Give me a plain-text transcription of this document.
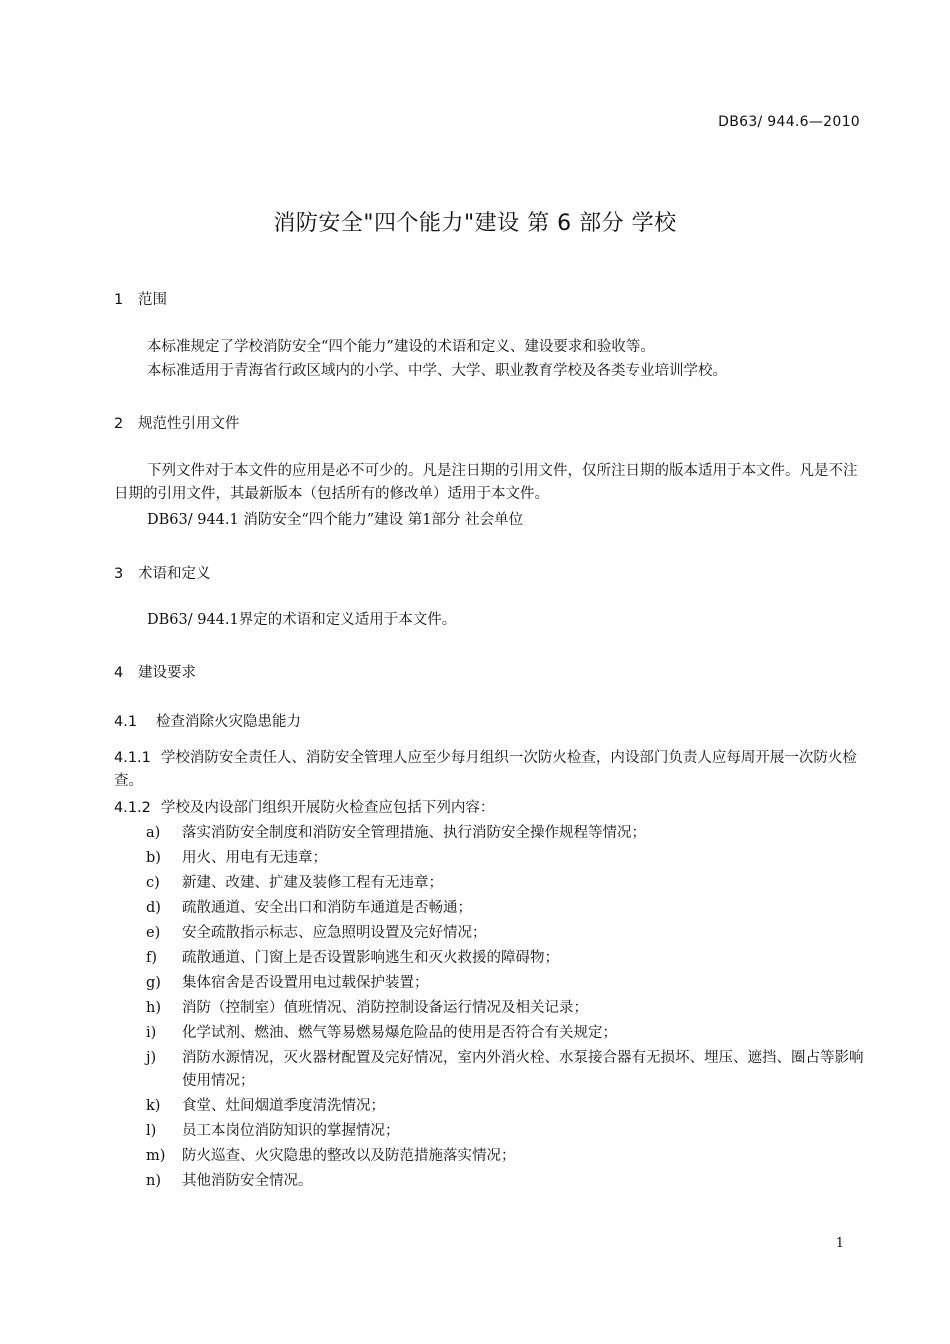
DB63/ 944.6—2010
消防安全"四个能力"建设 第 6 部分 学校
1 范围
本标准规定了学校消防安全“四个能力”建设的术语和定义、建设要求和验收等。
本标准适用于青海省行政区域内的小学、中学、大学、职业教育学校及各类专业培训学校。
2 规范性引用文件
下列文件对于本文件的应用是必不可少的。凡是注日期的引用文件，仅所注日期的版本适用于本文件。凡是不注日期的引用文件，其最新版本（包括所有的修改单）适用于本文件。
DB63/ 944.1 消防安全“四个能力”建设 第1部分 社会单位
3 术语和定义
DB63/ 944.1界定的术语和定义适用于本文件。
4 建设要求
4.1 检查消除火灾隐患能力
4.1.1 学校消防安全责任人、消防安全管理人应至少每月组织一次防火检查，内设部门负责人应每周开展一次防火检查。
4.1.2 学校及内设部门组织开展防火检查应包括下列内容：
a)	落实消防安全制度和消防安全管理措施、执行消防安全操作规程等情况；
b)	用火、用电有无违章；
c)	新建、改建、扩建及装修工程有无违章；
d)	疏散通道、安全出口和消防车通道是否畅通；
e)	安全疏散指示标志、应急照明设置及完好情况；
f)	疏散通道、门窗上是否设置影响逃生和灭火救援的障碍物；
g)	集体宿舍是否设置用电过载保护装置；
h)	消防（控制室）值班情况、消防控制设备运行情况及相关记录；
i)	化学试剂、燃油、燃气等易燃易爆危险品的使用是否符合有关规定；
j)	消防水源情况，灭火器材配置及完好情况，室内外消火栓、水泵接合器有无损坏、埋压、遮挡、圈占等影响使用情况；
k)	食堂、灶间烟道季度清洗情况；
l)	员工本岗位消防知识的掌握情况；
m)	防火巡查、火灾隐患的整改以及防范措施落实情况；
n)	其他消防安全情况。
1
